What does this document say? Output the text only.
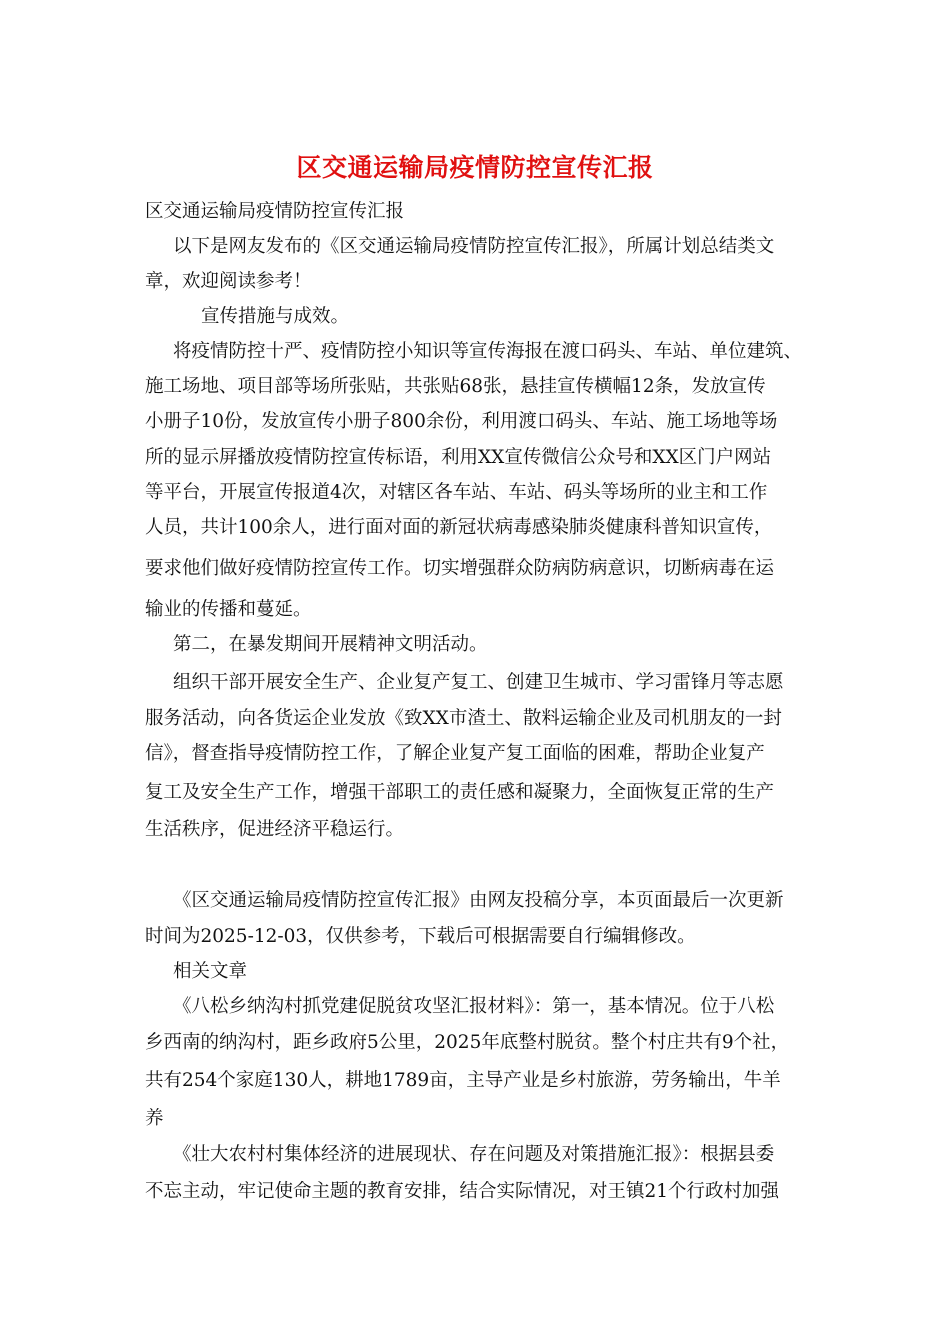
区交通运输局疫情防控宣传汇报
区交通运输局疫情防控宣传汇报
以下是网友发布的《区交通运输局疫情防控宣传汇报》，所属计划总结类文
章，欢迎阅读参考！
宣传措施与成效。
将疫情防控十严、疫情防控小知识等宣传海报在渡口码头、车站、单位建筑、
施工场地、项目部等场所张贴，共张贴68张，悬挂宣传横幅12条，发放宣传
小册子10份，发放宣传小册子800余份，利用渡口码头、车站、施工场地等场
所的显示屏播放疫情防控宣传标语，利用XX宣传微信公众号和XX区门户网站
等平台，开展宣传报道4次，对辖区各车站、车站、码头等场所的业主和工作
人员，共计100余人，进行面对面的新冠状病毒感染肺炎健康科普知识宣传，
要求他们做好疫情防控宣传工作。切实增强群众防病防病意识，切断病毒在运
输业的传播和蔓延。
第二，在暴发期间开展精神文明活动。
组织干部开展安全生产、企业复产复工、创建卫生城市、学习雷锋月等志愿
服务活动，向各货运企业发放《致XX市渣土、散料运输企业及司机朋友的一封
信》，督查指导疫情防控工作，了解企业复产复工面临的困难，帮助企业复产
复工及安全生产工作，增强干部职工的责任感和凝聚力，全面恢复正常的生产
生活秩序，促进经济平稳运行。
《区交通运输局疫情防控宣传汇报》由网友投稿分享，本页面最后一次更新
时间为2025-12-03，仅供参考，下载后可根据需要自行编辑修改。
相关文章
《八松乡纳沟村抓党建促脱贫攻坚汇报材料》：第一，基本情况。位于八松
乡西南的纳沟村，距乡政府5公里，2025年底整村脱贫。整个村庄共有9个社，
共有254个家庭130人，耕地1789亩，主导产业是乡村旅游，劳务输出，牛羊
养
《壮大农村村集体经济的进展现状、存在问题及对策措施汇报》：根据县委
不忘主动，牢记使命主题的教育安排，结合实际情况，对王镇21个行政村加强
